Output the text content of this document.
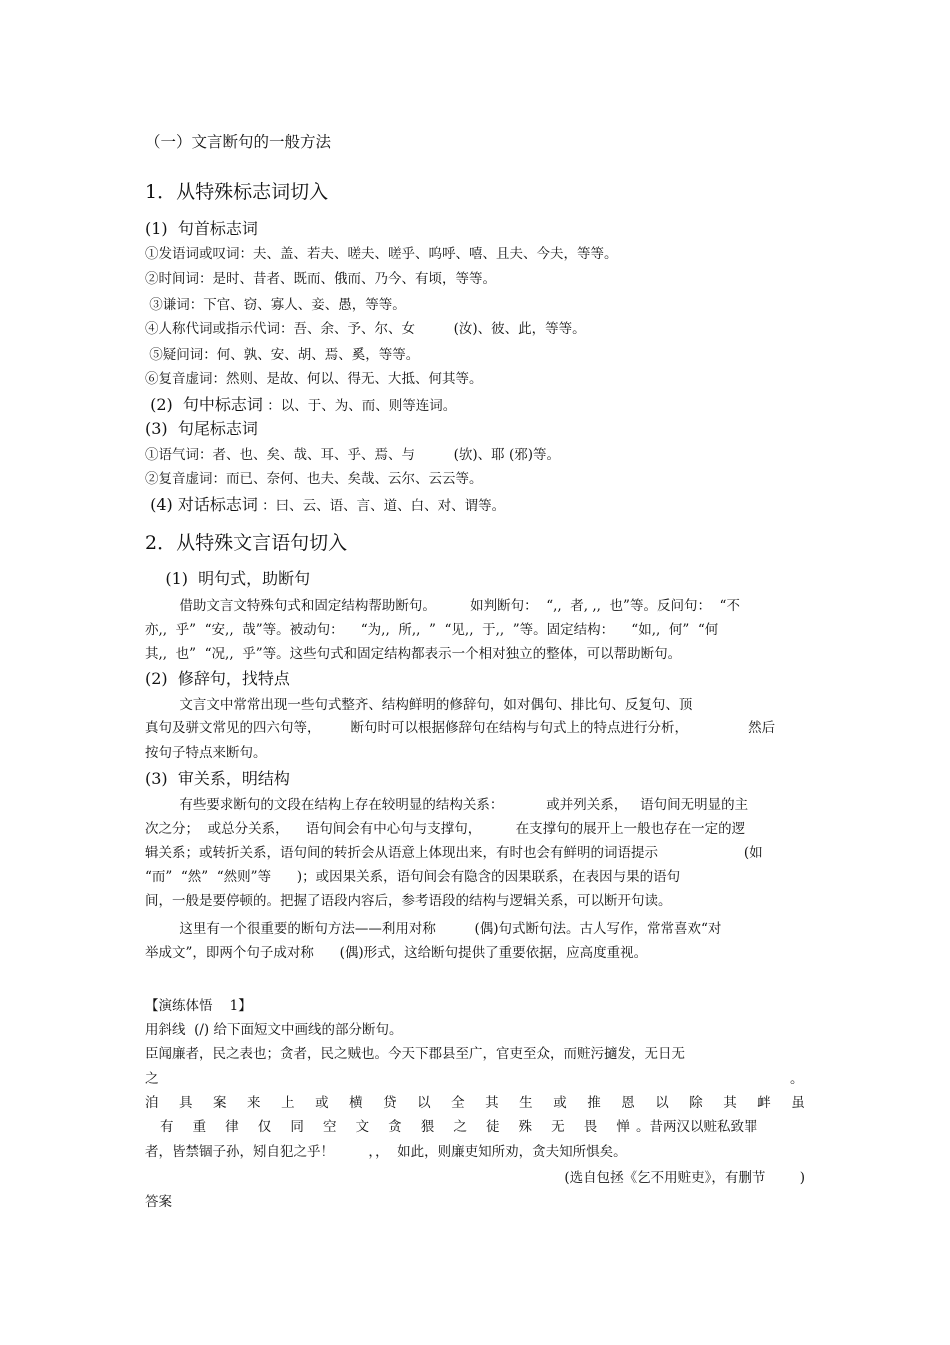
（一）文言断句的一般方法
1．从特殊标志词切入
(1)  句首标志词
①发语词或叹词：夫、盖、若夫、嗟夫、嗟乎、呜呼、嘻、且夫、今夫，等等。
②时间词：是时、昔者、既而、俄而、乃今、有顷，等等。
③谦词：下官、窃、寡人、妾、愚，等等。
④人称代词或指示代词：吾、余、予、尔、女         (汝)、彼、此，等等。
⑤疑问词：何、孰、安、胡、焉、奚，等等。
⑥复音虚词：然则、是故、何以、得无、大抵、何其等。
(2)  句中标志词 ：以、于、为、而、则等连词。
(3)  句尾标志词
①语气词：者、也、矣、哉、耳、乎、焉、与         (欤)、耶 (邪)等。
②复音虚词：而已、奈何、也夫、矣哉、云尔、云云等。
(4) 对话标志词 ：曰、云、语、言、道、白、对、谓等。
2．从特殊文言语句切入
(1)  明句式，助断句
借助文言文特殊句式和固定结构帮助断句。        如判断句：  “,,  者, ,,  也”等。反问句：  “不
亦,,  乎”  “安,,  哉”等。被动句：    “为,,  所,,  ”  “见,,  于,,  ”等。固定结构：    “如,,  何”  “何
其,,  也”  “况,,  乎”等。这些句式和固定结构都表示一个相对独立的整体，可以帮助断句。
(2)  修辞句，找特点
文言文中常常出现一些句式整齐、结构鲜明的修辞句，如对偶句、排比句、反复句、顶
真句及骈文常见的四六句等，       断句时可以根据修辞句在结构与句式上的特点进行分析，              然后
按句子特点来断句。
(3)  审关系，明结构
有些要求断句的文段在结构上存在较明显的结构关系：          或并列关系，   语句间无明显的主
次之分；  或总分关系，    语句间会有中心句与支撑句，        在支撑句的展开上一般也存在一定的逻
辑关系；或转折关系，语句间的转折会从语意上体现出来，有时也会有鲜明的词语提示                    (如
“而”  “然”  “然则”等      )；或因果关系，语句间会有隐含的因果联系，在表因与果的语句
间，一般是要停顿的。把握了语段内容后，参考语段的结构与逻辑关系，可以断开句读。
这里有一个很重要的断句方法——利用对称         (偶)句式断句法。古人写作，常常喜欢“对
举成文”，即两个句子成对称      (偶)形式，这给断句提供了重要依据，应高度重视。
【演练体悟    1】
用斜线  (/) 给下面短文中画线的部分断句。
臣闻廉者，民之表也；贪者，民之贼也。今天下郡县至广，官吏至众，而赃污擿发，无日无
之	。
洎 具 案 来 上 或 横 贷 以 全 其 生 或 推 恩 以 除 其 衅 虽
有 重 律 仅 同 空 文 贪 猥 之 徒 殊 无 畏 惮 。昔两汉以赃私致罪
者，皆禁锢子孙，矧自犯之乎！        ，，  如此，则廉吏知所劝，贪夫知所惧矣。
(选自包拯《乞不用赃吏》，有删节        )
答案
